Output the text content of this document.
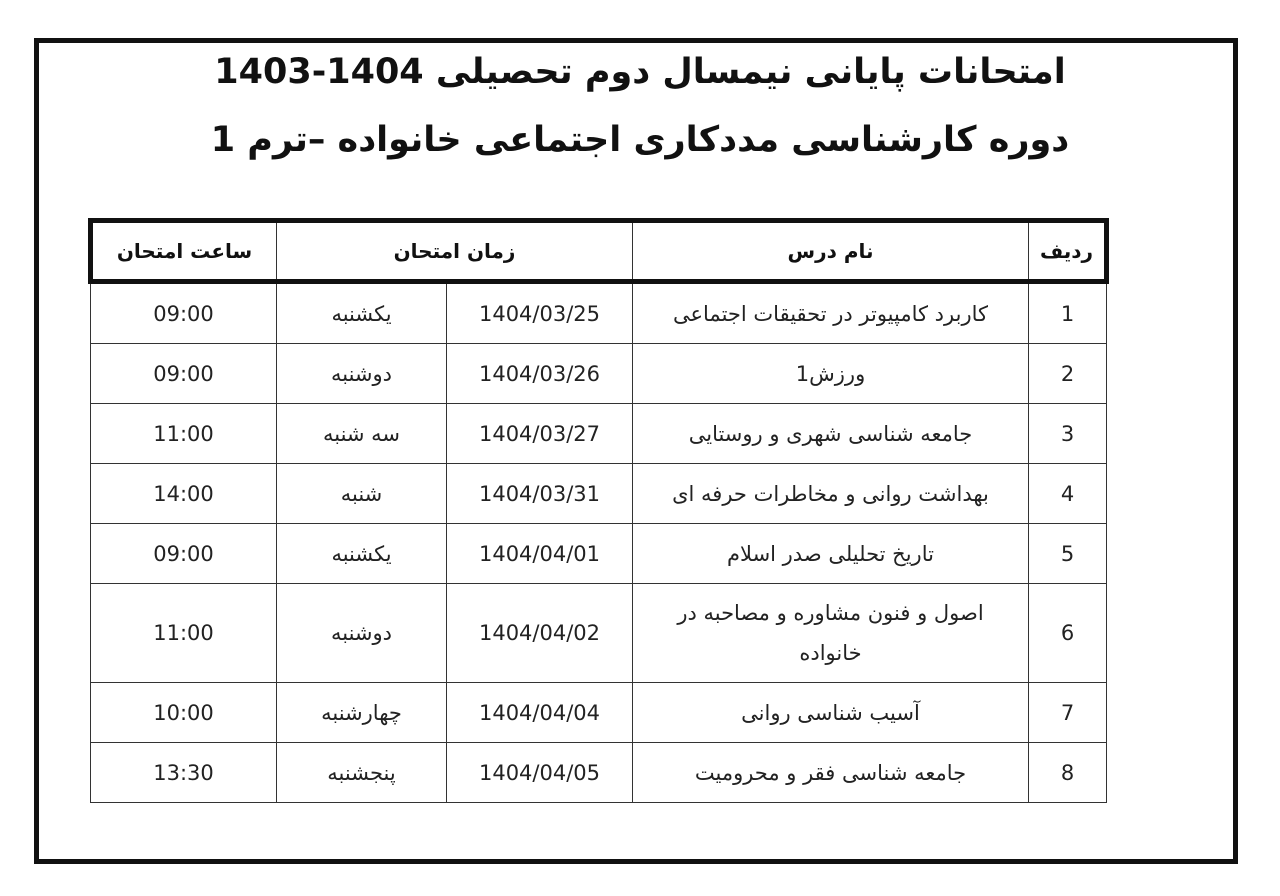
امتحانات پایانی نیمسال دوم تحصیلی 1404-1403
دوره کارشناسی مددکاری اجتماعی خانواده –ترم 1
ردیف	نام درس	زمان امتحان		ساعت امتحان
1	کاربرد کامپیوتر در تحقیقات اجتماعی	1404/03/25	یکشنبه	09:00
2	ورزش1	1404/03/26	دوشنبه	09:00
3	جامعه شناسی شهری و روستایی	1404/03/27	سه شنبه	11:00
4	بهداشت روانی و مخاطرات حرفه ای	1404/03/31	شنبه	14:00
5	تاریخ تحلیلی صدر اسلام	1404/04/01	یکشنبه	09:00
6	اصول و فنون مشاوره و مصاحبه در خانواده	1404/04/02	دوشنبه	11:00
7	آسیب شناسی روانی	1404/04/04	چهارشنبه	10:00
8	جامعه شناسی فقر و محرومیت	1404/04/05	پنجشنبه	13:30
